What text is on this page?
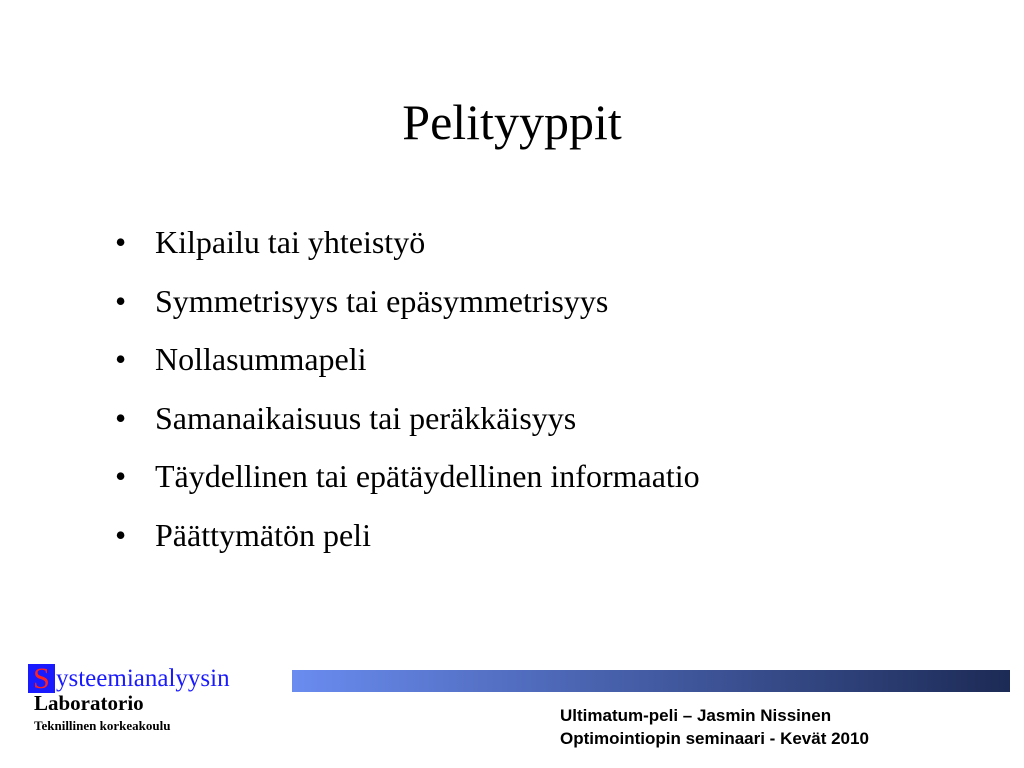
Pelityyppit
• Kilpailu tai yhteistyö
• Symmetrisyys tai epäsymmetrisyys
• Nollasummapeli
• Samanaikaisuus tai peräkkäisyys
• Täydellinen tai epätäydellinen informaatio
• Päättymätön peli
S ysteemianalyysin
Laboratorio
Teknillinen korkeakoulu
Ultimatum-peli – Jasmin Nissinen
Optimointiopin seminaari - Kevät 2010
